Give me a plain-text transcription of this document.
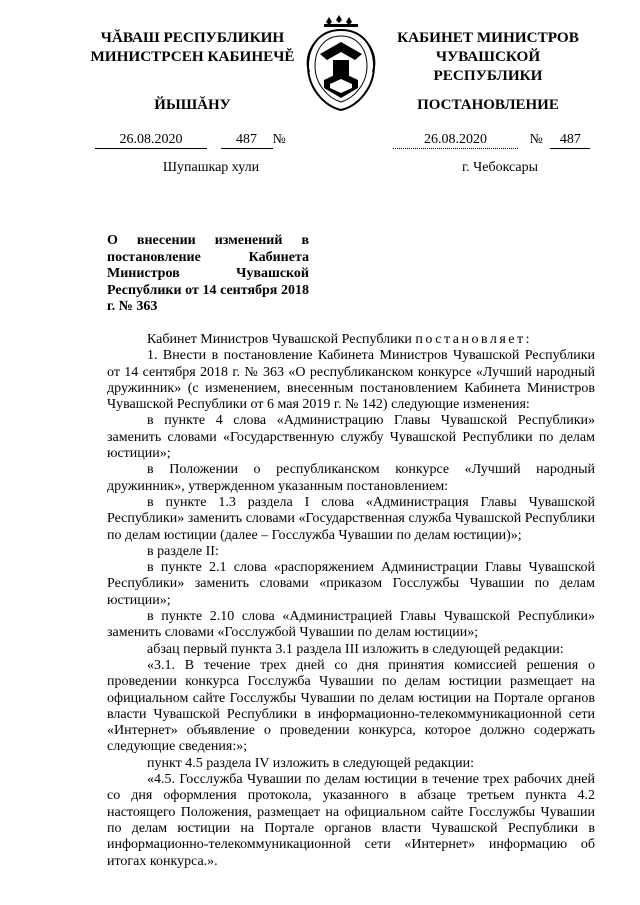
ЧĂВАШ РЕСПУБЛИКИН
МИНИСТРСЕН КАБИНЕЧĚ
ЙЫШĂНУ
КАБИНЕТ МИНИСТРОВ
ЧУВАШСКОЙ РЕСПУБЛИКИ
ПОСТАНОВЛЕНИЕ
26.08.2020	487 №	26.08.2020	№ 487
Шупашкар хули	г. Чебоксары
О внесении изменений в постановление Кабинета Министров Чувашской Республики от 14 сентября 2018 г. № 363

Кабинет Министров Чувашской Республики постановляет:

1. Внести в постановление Кабинета Министров Чувашской Республики от 14 сентября 2018 г. № 363 «О республиканском конкурсе «Лучший народный дружинник» (с изменением, внесенным постановлением Кабинета Министров Чувашской Республики от 6 мая 2019 г. № 142) следующие изменения:

в пункте 4 слова «Администрацию Главы Чувашской Республики» заменить словами «Государственную службу Чувашской Республики по делам юстиции»;

в Положении о республиканском конкурсе «Лучший народный дружинник», утвержденном указанным постановлением:

в пункте 1.3 раздела I слова «Администрация Главы Чувашской Республики» заменить словами «Государственная служба Чувашской Республики по делам юстиции (далее – Госслужба Чувашии по делам юстиции)»;

в разделе II:

в пункте 2.1 слова «распоряжением Администрации Главы Чувашской Республики» заменить словами «приказом Госслужбы Чувашии по делам юстиции»;

в пункте 2.10 слова «Администрацией Главы Чувашской Республики» заменить словами «Госслужбой Чувашии по делам юстиции»;

абзац первый пункта 3.1 раздела III изложить в следующей редакции:

«3.1. В течение трех дней со дня принятия комиссией решения о проведении конкурса Госслужба Чувашии по делам юстиции размещает на официальном сайте Госслужбы Чувашии по делам юстиции на Портале органов власти Чувашской Республики в информационно-телекоммуникационной сети «Интернет» объявление о проведении конкурса, которое должно содержать следующие сведения:»;

пункт 4.5 раздела IV изложить в следующей редакции:

«4.5. Госслужба Чувашии по делам юстиции в течение трех рабочих дней со дня оформления протокола, указанного в абзаце третьем пункта 4.2 настоящего Положения, размещает на официальном сайте Госслужбы Чувашии по делам юстиции на Портале органов власти Чувашской Республики в информационно-телекоммуникационной сети «Интернет» информацию об итогах конкурса.».
